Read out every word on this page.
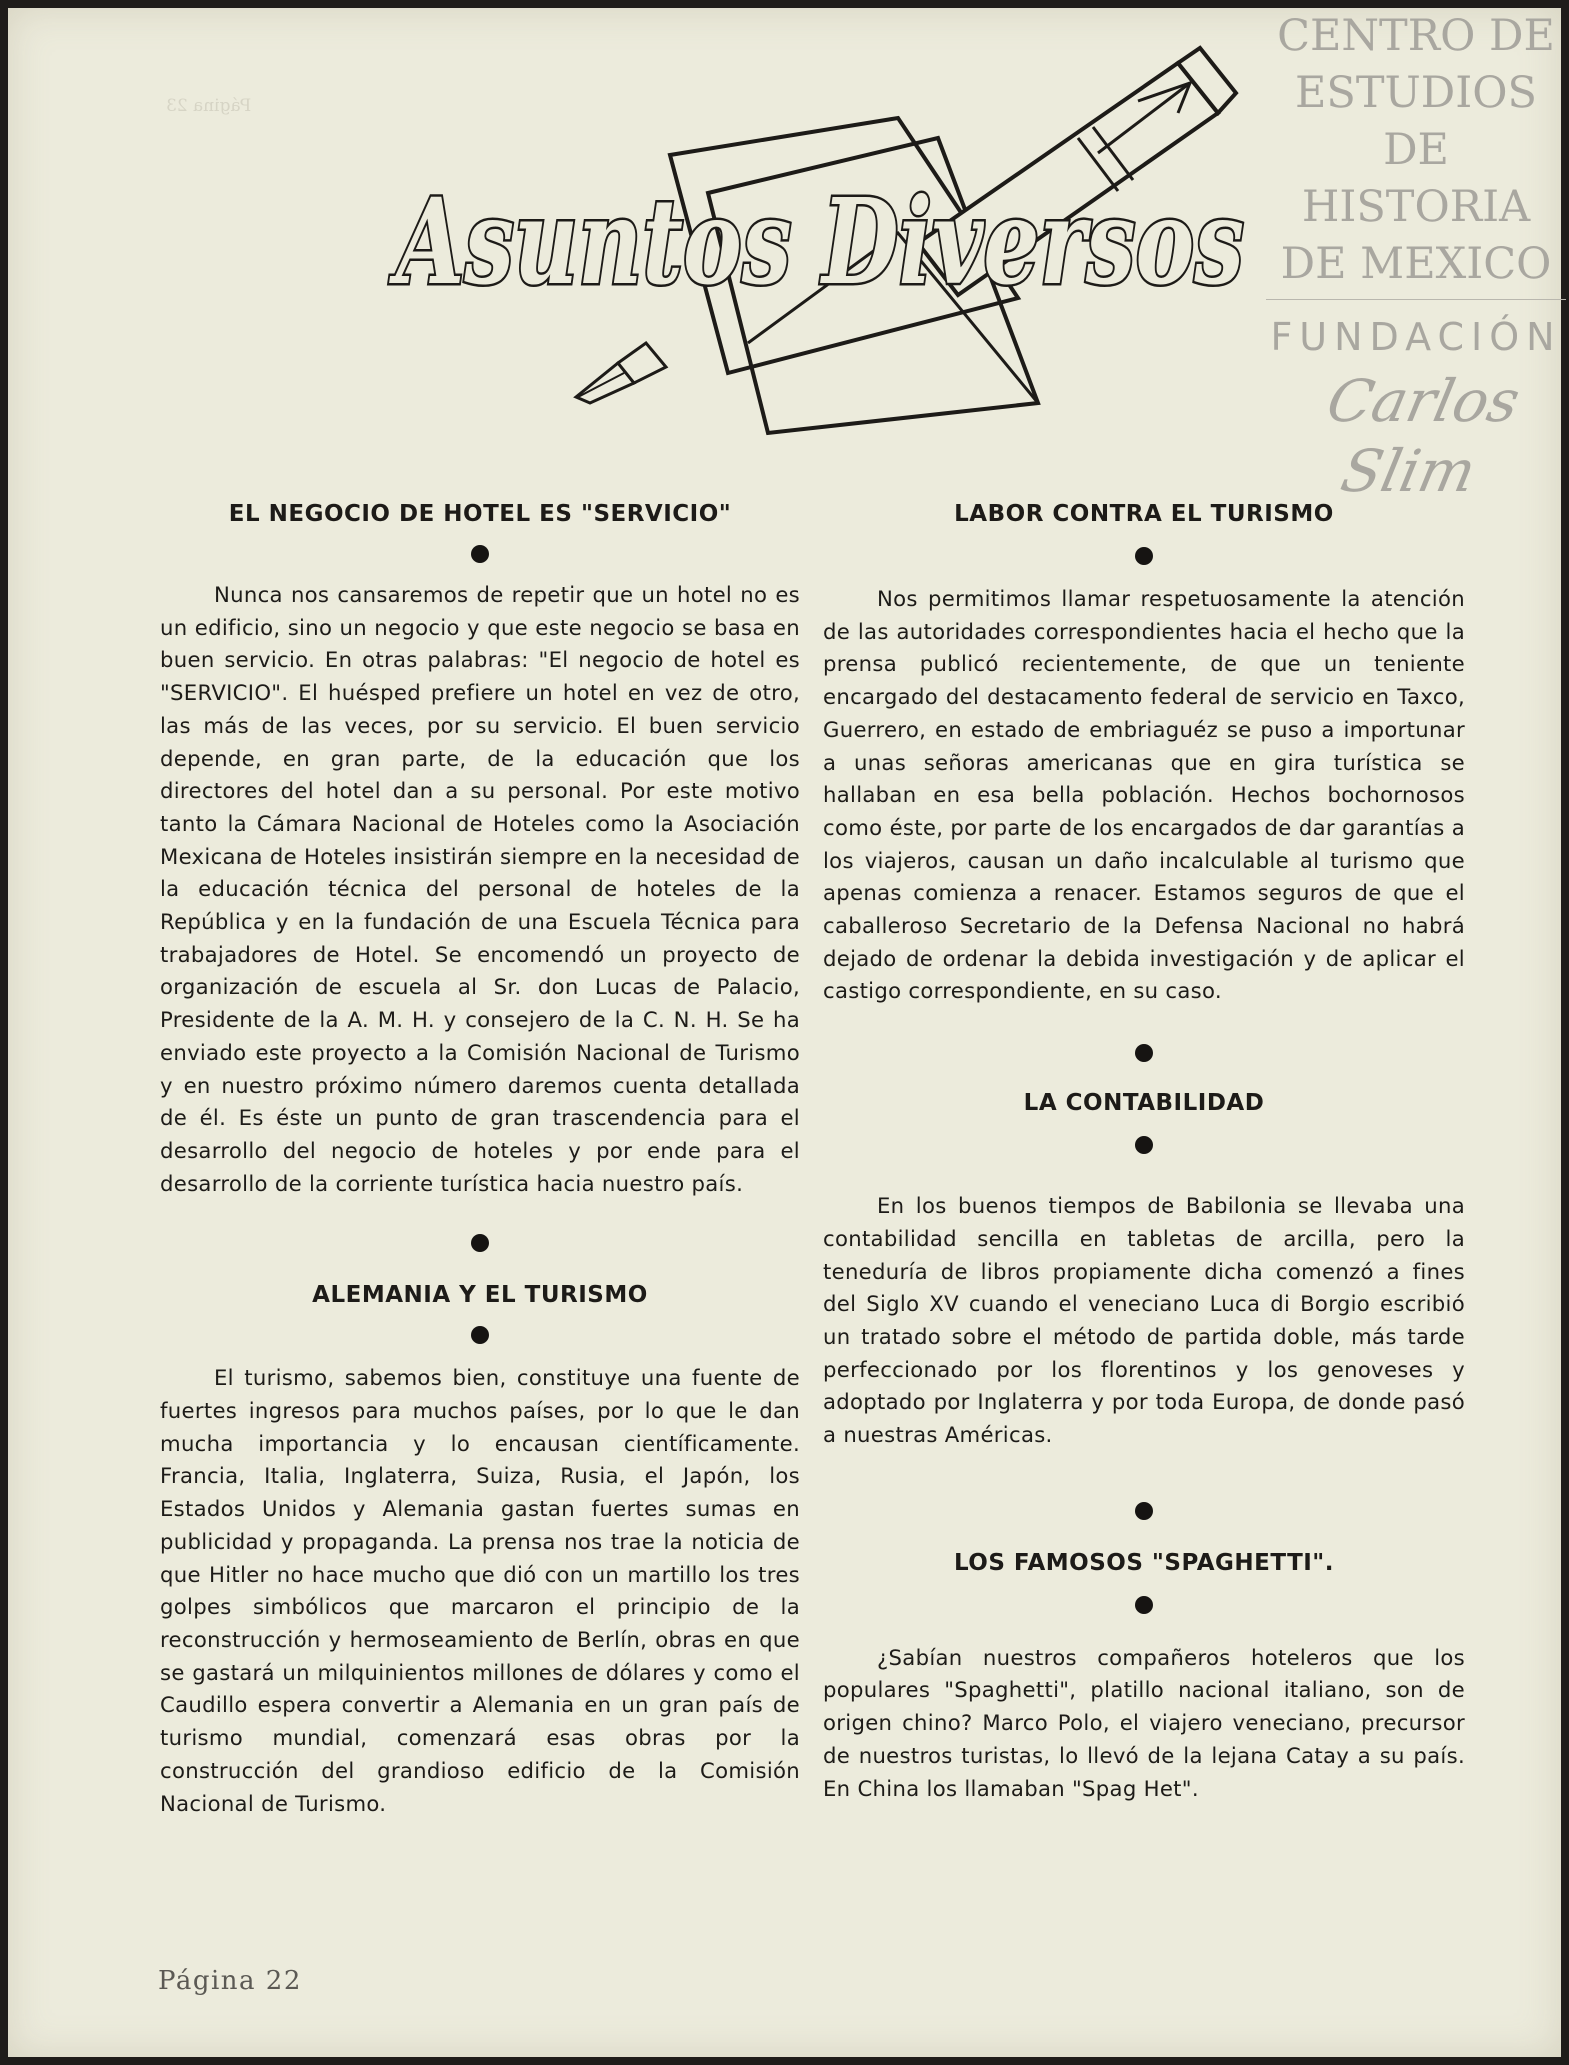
Página 23
CENTRO DE
ESTUDIOS
DE HISTORIA
DE MEXICO
FUNDACIÓN
Carlos Slim
Asuntos Diversos
EL NEGOCIO DE HOTEL ES "SERVICIO"

Nunca nos cansaremos de repetir que un hotel no es un edificio, sino un negocio y que este negocio se basa en buen servicio. En otras palabras: "El negocio de hotel es "SERVICIO". El huésped prefiere un hotel en vez de otro, las más de las veces, por su servicio. El buen servicio depende, en gran parte, de la educación que los directores del hotel dan a su personal. Por este motivo tanto la Cámara Nacional de Hoteles como la Asociación Mexicana de Hoteles insistirán siempre en la necesidad de la educación técnica del personal de hoteles de la República y en la fundación de una Escuela Técnica para trabajadores de Hotel. Se encomendó un proyecto de organización de escuela al Sr. don Lucas de Palacio, Presidente de la A. M. H. y consejero de la C. N. H. Se ha enviado este proyecto a la Comisión Nacional de Turismo y en nuestro próximo número daremos cuenta detallada de él. Es éste un punto de gran trascendencia para el desarrollo del negocio de hoteles y por ende para el desarrollo de la corriente turística hacia nuestro país.

ALEMANIA Y EL TURISMO

El turismo, sabemos bien, constituye una fuente de fuertes ingresos para muchos países, por lo que le dan mucha importancia y lo encausan científicamente. Francia, Italia, Inglaterra, Suiza, Rusia, el Japón, los Estados Unidos y Alemania gastan fuertes sumas en publicidad y propaganda. La prensa nos trae la noticia de que Hitler no hace mucho que dió con un martillo los tres golpes simbólicos que marcaron el principio de la reconstrucción y hermoseamiento de Berlín, obras en que se gastará un milquinientos millones de dólares y como el Caudillo espera convertir a Alemania en un gran país de turismo mundial, comenzará esas obras por la construcción del grandioso edificio de la Comisión Nacional de Turismo.

LABOR CONTRA EL TURISMO

Nos permitimos llamar respetuosamente la atención de las autoridades correspondientes hacia el hecho que la prensa publicó recientemente, de que un teniente encargado del destacamento federal de servicio en Taxco, Guerrero, en estado de embriaguéz se puso a importunar a unas señoras americanas que en gira turística se hallaban en esa bella población. Hechos bochornosos como éste, por parte de los encargados de dar garantías a los viajeros, causan un daño incalculable al turismo que apenas comienza a renacer. Estamos seguros de que el caballeroso Secretario de la Defensa Nacional no habrá dejado de ordenar la debida investigación y de aplicar el castigo correspondiente, en su caso.

LA CONTABILIDAD

En los buenos tiempos de Babilonia se llevaba una contabilidad sencilla en tabletas de arcilla, pero la teneduría de libros propiamente dicha comenzó a fines del Siglo XV cuando el veneciano Luca di Borgio escribió un tratado sobre el método de partida doble, más tarde perfeccionado por los florentinos y los genoveses y adoptado por Inglaterra y por toda Europa, de donde pasó a nuestras Américas.

LOS FAMOSOS "SPAGHETTI".

¿Sabían nuestros compañeros hoteleros que los populares "Spaghetti", platillo nacional italiano, son de origen chino? Marco Polo, el viajero veneciano, precursor de nuestros turistas, lo llevó de la lejana Catay a su país. En China los llamaban "Spag Het".

Página 22
